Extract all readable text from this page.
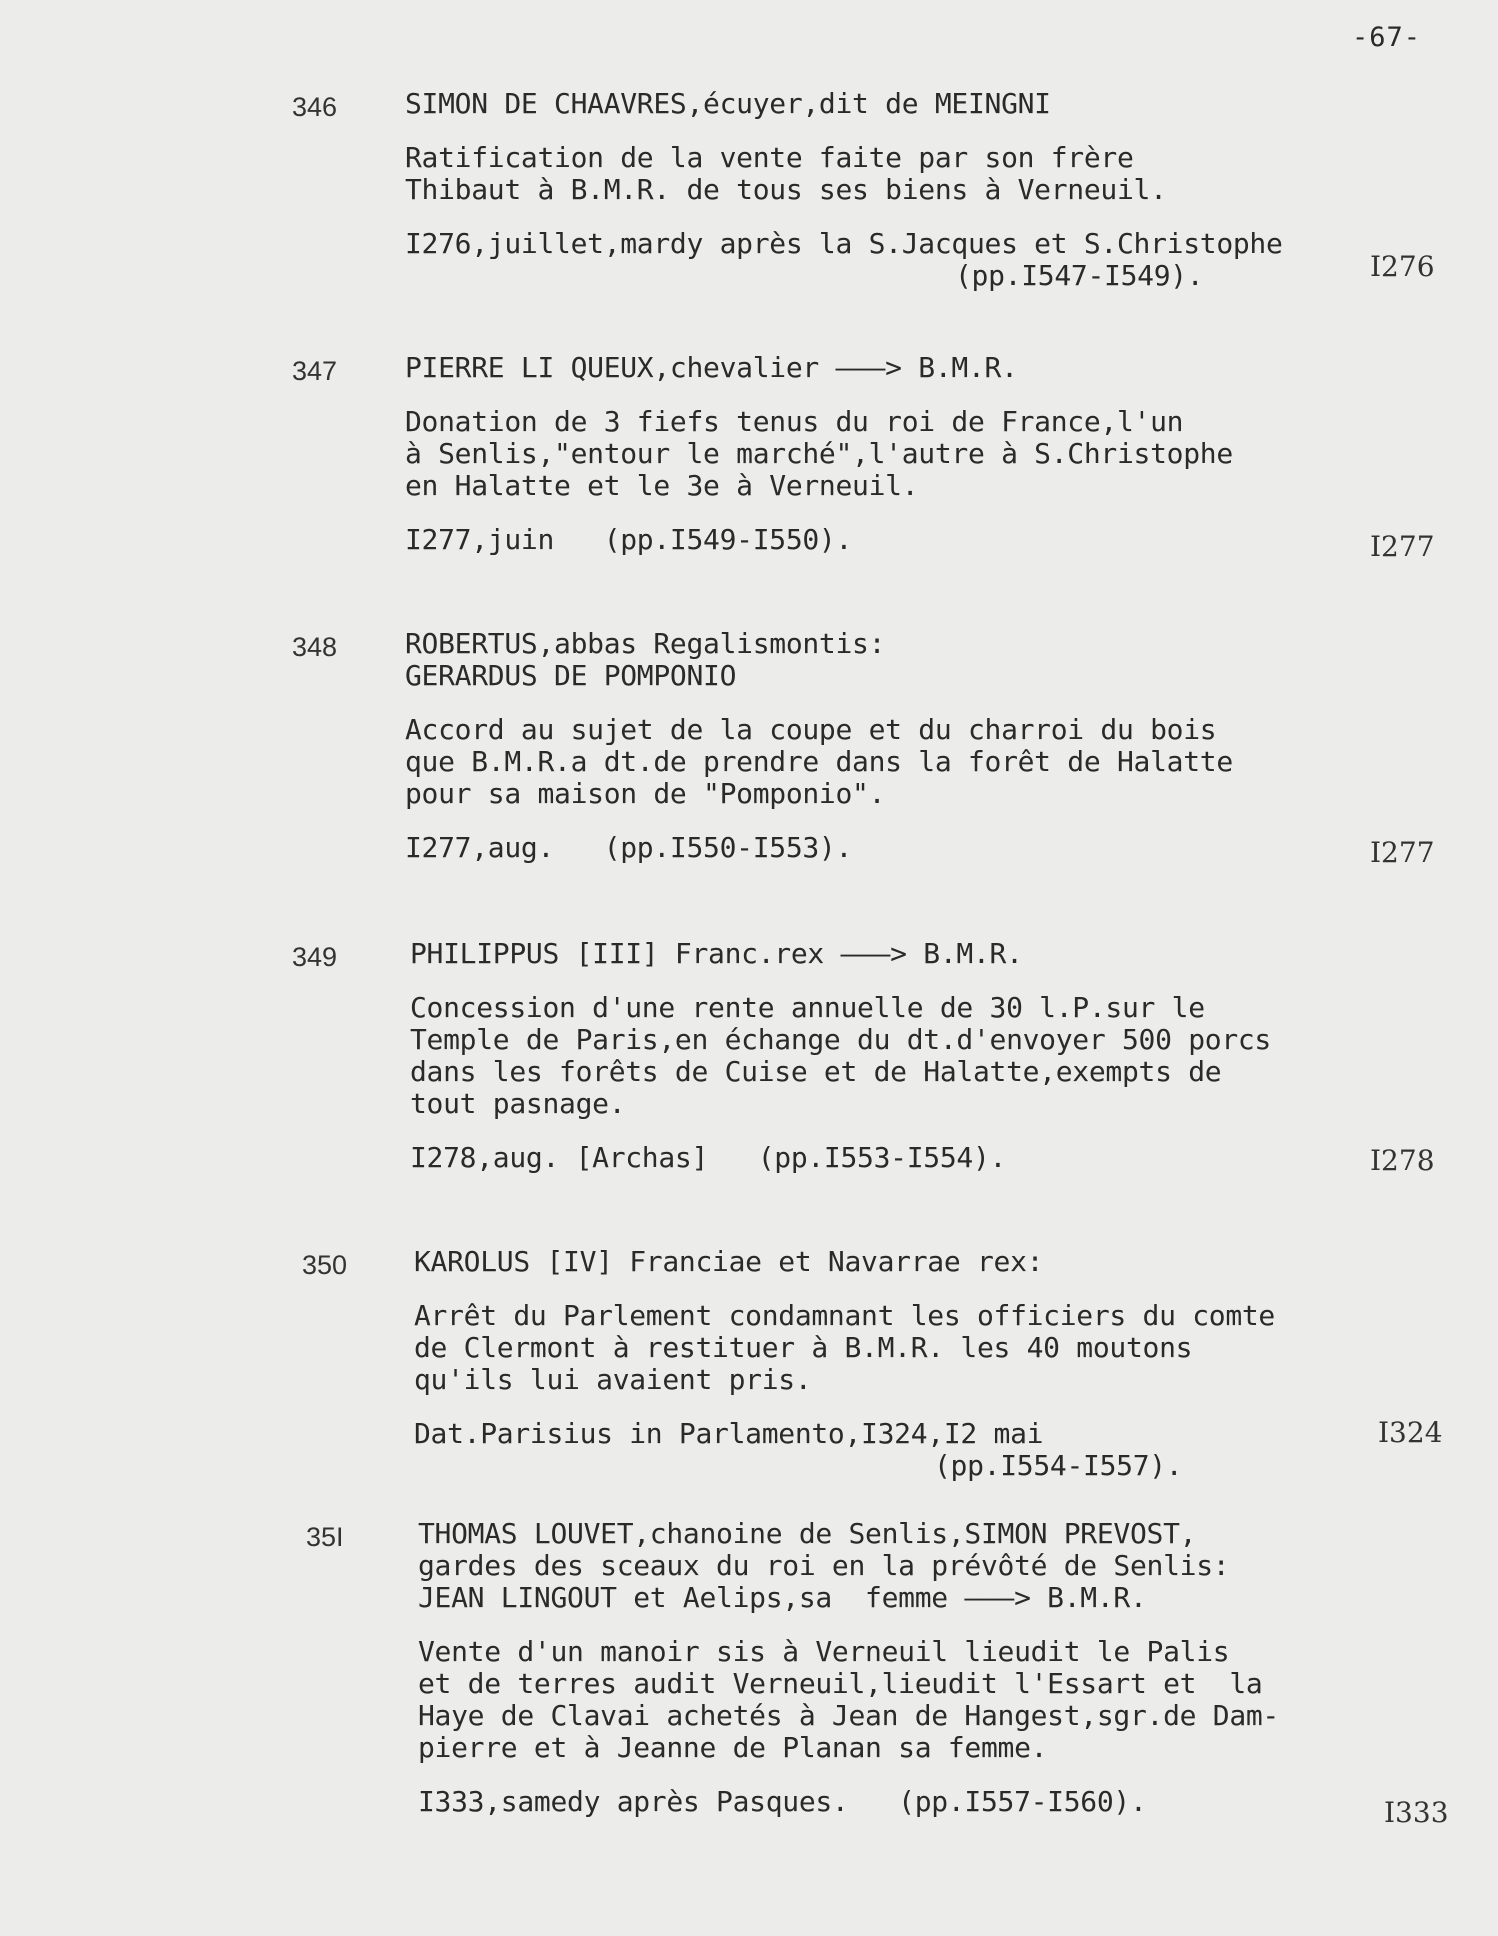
-67-
346 SIMON DE CHAAVRES,écuyer,dit de MEINGNI
Ratification de la vente faite par son frère
Thibaut à B.M.R. de tous ses biens à Verneuil.
I276,juillet,mardy après la S.Jacques et S.Christophe
(pp.I547-I549).	I276
347 PIERRE LI QUEUX,chevalier ———> B.M.R.
Donation de 3 fiefs tenus du roi de France,l'un
à Senlis,"entour le marché",l'autre à S.Christophe
en Halatte et le 3e à Verneuil.
I277,juin   (pp.I549-I550).	I277
348 ROBERTUS,abbas Regalismontis:
GERARDUS DE POMPONIO
Accord au sujet de la coupe et du charroi du bois
que B.M.R.a dt.de prendre dans la forêt de Halatte
pour sa maison de "Pomponio".
I277,aug.   (pp.I550-I553).	I277
349	PHILIPPUS [III] Franc.rex ———> B.M.R.
Concession d'une rente annuelle de 30 l.P.sur le
Temple de Paris,en échange du dt.d'envoyer 500 porcs
dans les forêts de Cuise et de Halatte,exempts de
tout pasnage.
I278,aug. [Archas]   (pp.I553-I554).	I278
350 KAROLUS [IV] Franciae et Navarrae rex:
Arrêt du Parlement condamnant les officiers du comte
de Clermont à restituer à B.M.R. les 40 moutons
qu'ils lui avaient pris.
Dat.Parisius in Parlamento,I324,I2 mai
(pp.I554-I557).
I324
35I	THOMAS LOUVET,chanoine de Senlis,SIMON PREVOST,
gardes des sceaux du roi en la prévôté de Senlis:
JEAN LINGOUT et Aelips,sa  femme ———> B.M.R.
Vente d'un manoir sis à Verneuil lieudit le Palis
et de terres audit Verneuil,lieudit l'Essart et  la
Haye de Clavai achetés à Jean de Hangest,sgr.de Dam-
pierre et à Jeanne de Planan sa femme.
I333,samedy après Pasques.   (pp.I557-I560).	I333
